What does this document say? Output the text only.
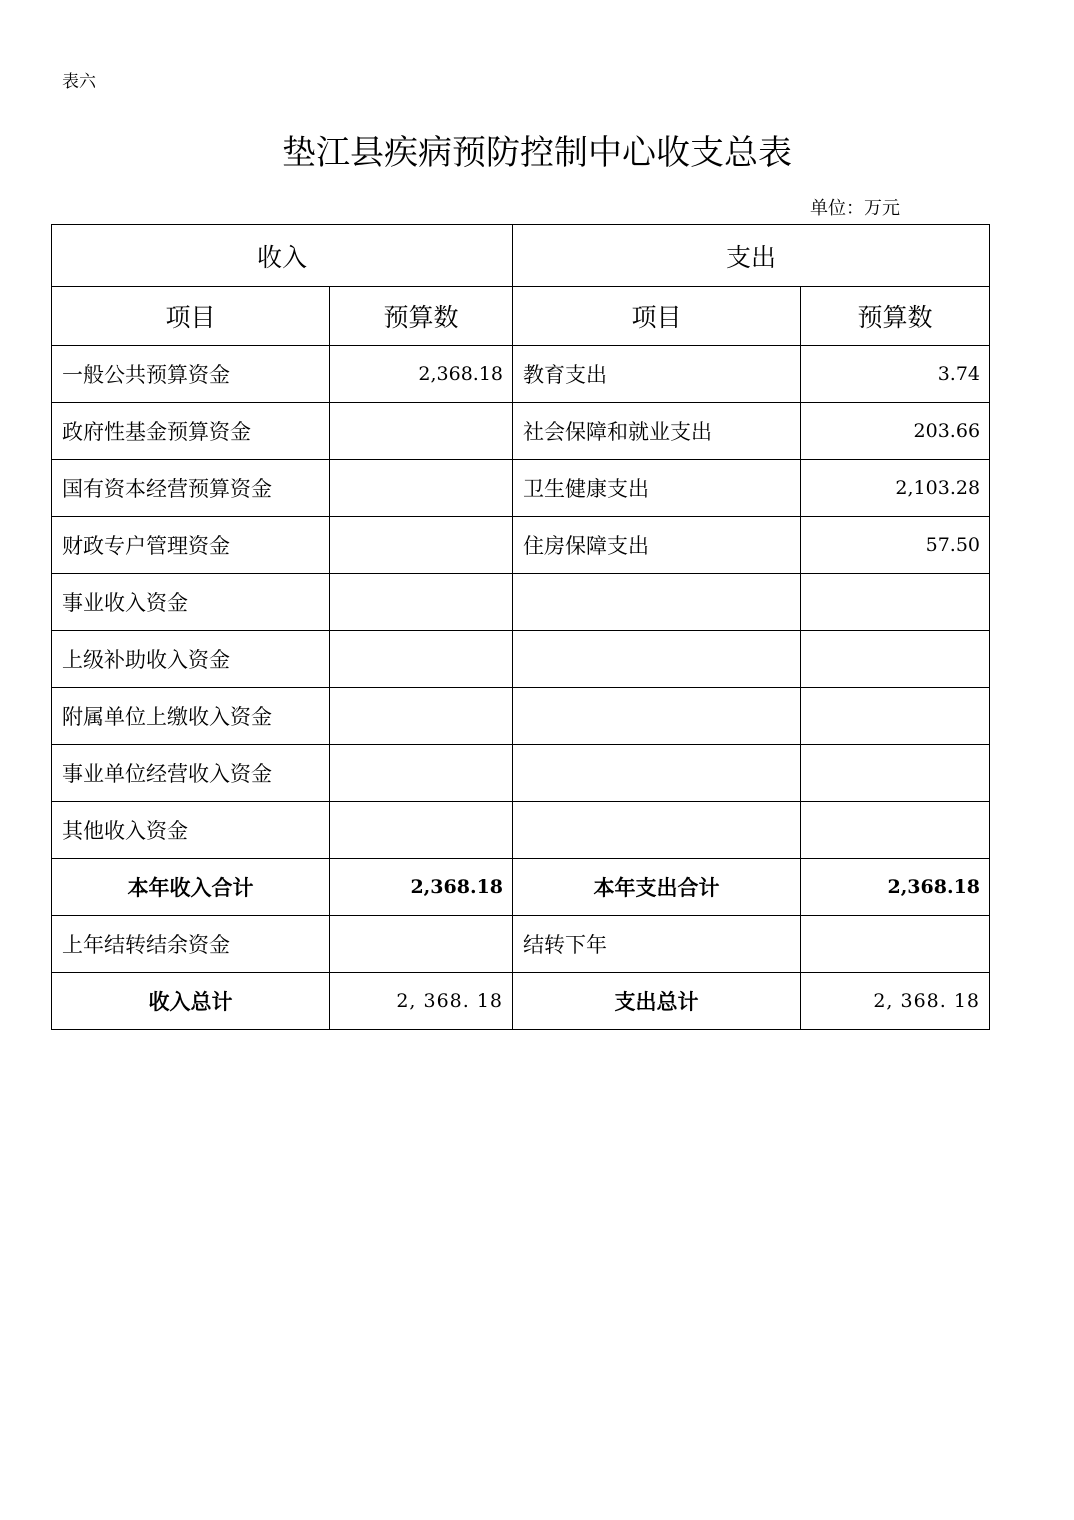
表六
垫江县疾病预防控制中心收支总表
单位：万元
收入		支出	
项目	预算数	项目	预算数
一般公共预算资金	2,368.18	教育支出	3.74
政府性基金预算资金		社会保障和就业支出	203.66
国有资本经营预算资金		卫生健康支出	2,103.28
财政专户管理资金		住房保障支出	57.50
事业收入资金			
上级补助收入资金			
附属单位上缴收入资金			
事业单位经营收入资金			
其他收入资金			
本年收入合计	2,368.18	本年支出合计	2,368.18
上年结转结余资金		结转下年	
收入总计	2, 368. 18	支出总计	2, 368. 18
